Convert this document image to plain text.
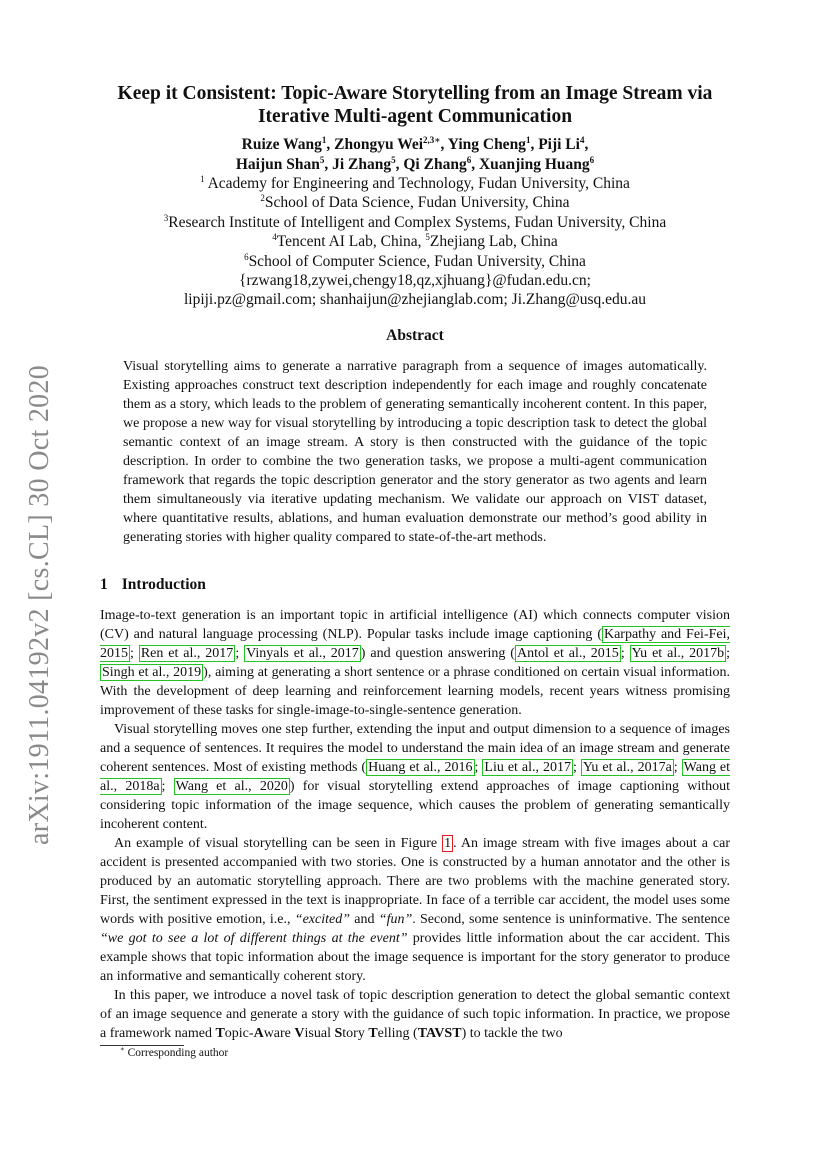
arXiv:1911.04192v2 [cs.CL] 30 Oct 2020
Keep it Consistent: Topic-Aware Storytelling from an Image Stream via
Iterative Multi-agent Communication
Ruize Wang$^1$, Zhongyu Wei$^{2,3∗}$, Ying Cheng$^1$, Piji Li$^4$,
Haijun Shan$^5$, Ji Zhang$^5$, Qi Zhang$^6$, Xuanjing Huang$^6$
$^1$ Academy for Engineering and Technology, Fudan University, China
$^2$School of Data Science, Fudan University, China
$^3$Research Institute of Intelligent and Complex Systems, Fudan University, China
$^4$Tencent AI Lab, China, $^5$Zhejiang Lab, China
$^6$School of Computer Science, Fudan University, China
{rzwang18,zywei,chengy18,qz,xjhuang}@fudan.edu.cn;
lipiji.pz@gmail.com; shanhaijun@zhejianglab.com; Ji.Zhang@usq.edu.au
Abstract

Visual storytelling aims to generate a narrative paragraph from a sequence of images automatically. Existing approaches construct text description independently for each image and roughly concatenate them as a story, which leads to the problem of generating semantically incoherent content. In this paper, we propose a new way for visual storytelling by introducing a topic description task to detect the global semantic context of an image stream. A story is then constructed with the guidance of the topic description. In order to combine the two generation tasks, we propose a multi-agent communication framework that regards the topic description generator and the story generator as two agents and learn them simultaneously via iterative updating mechanism. We validate our approach on VIST dataset, where quantitative results, ablations, and human evaluation demonstrate our method’s good ability in generating stories with higher quality compared to state-of-the-art methods.

1 Introduction

Image-to-text generation is an important topic in artificial intelligence (AI) which connects computer vision (CV) and natural language processing (NLP). Popular tasks include image captioning ( Karpathy and Fei-Fei, 2015 ; Ren et al., 2017 ; Vinyals et al., 2017 ) and question answering ( Antol et al., 2015 ; Yu et al., 2017b ; Singh et al., 2019 ), aiming at generating a short sentence or a phrase conditioned on certain visual information. With the development of deep learning and reinforcement learning models, recent years witness promising improvement of these tasks for single-image-to-single-sentence generation.

Visual storytelling moves one step further, extending the input and output dimension to a sequence of images and a sequence of sentences. It requires the model to understand the main idea of an image stream and generate coherent sentences. Most of existing methods ( Huang et al., 2016 ; Liu et al., 2017 ; Yu et al., 2017a ; Wang et al., 2018a ; Wang et al., 2020 ) for visual storytelling extend approaches of image captioning without considering topic information of the image sequence, which causes the problem of generating semantically incoherent content.

An example of visual storytelling can be seen in Figure 1 . An image stream with five images about a car accident is presented accompanied with two stories. One is constructed by a human annotator and the other is produced by an automatic storytelling approach. There are two problems with the machine generated story. First, the sentiment expressed in the text is inappropriate. In face of a terrible car accident, the model uses some words with positive emotion, i.e., “excited” and “fun”. Second, some sentence is uninformative. The sentence “we got to see a lot of different things at the event” provides little information about the car accident. This example shows that topic information about the image sequence is important for the story generator to produce an informative and semantically coherent story.

In this paper, we introduce a novel task of topic description generation to detect the global semantic context of an image sequence and generate a story with the guidance of such topic information. In practice, we propose a framework named Topic-Aware Visual Story Telling (TAVST) to tackle the two

∗ Corresponding author
